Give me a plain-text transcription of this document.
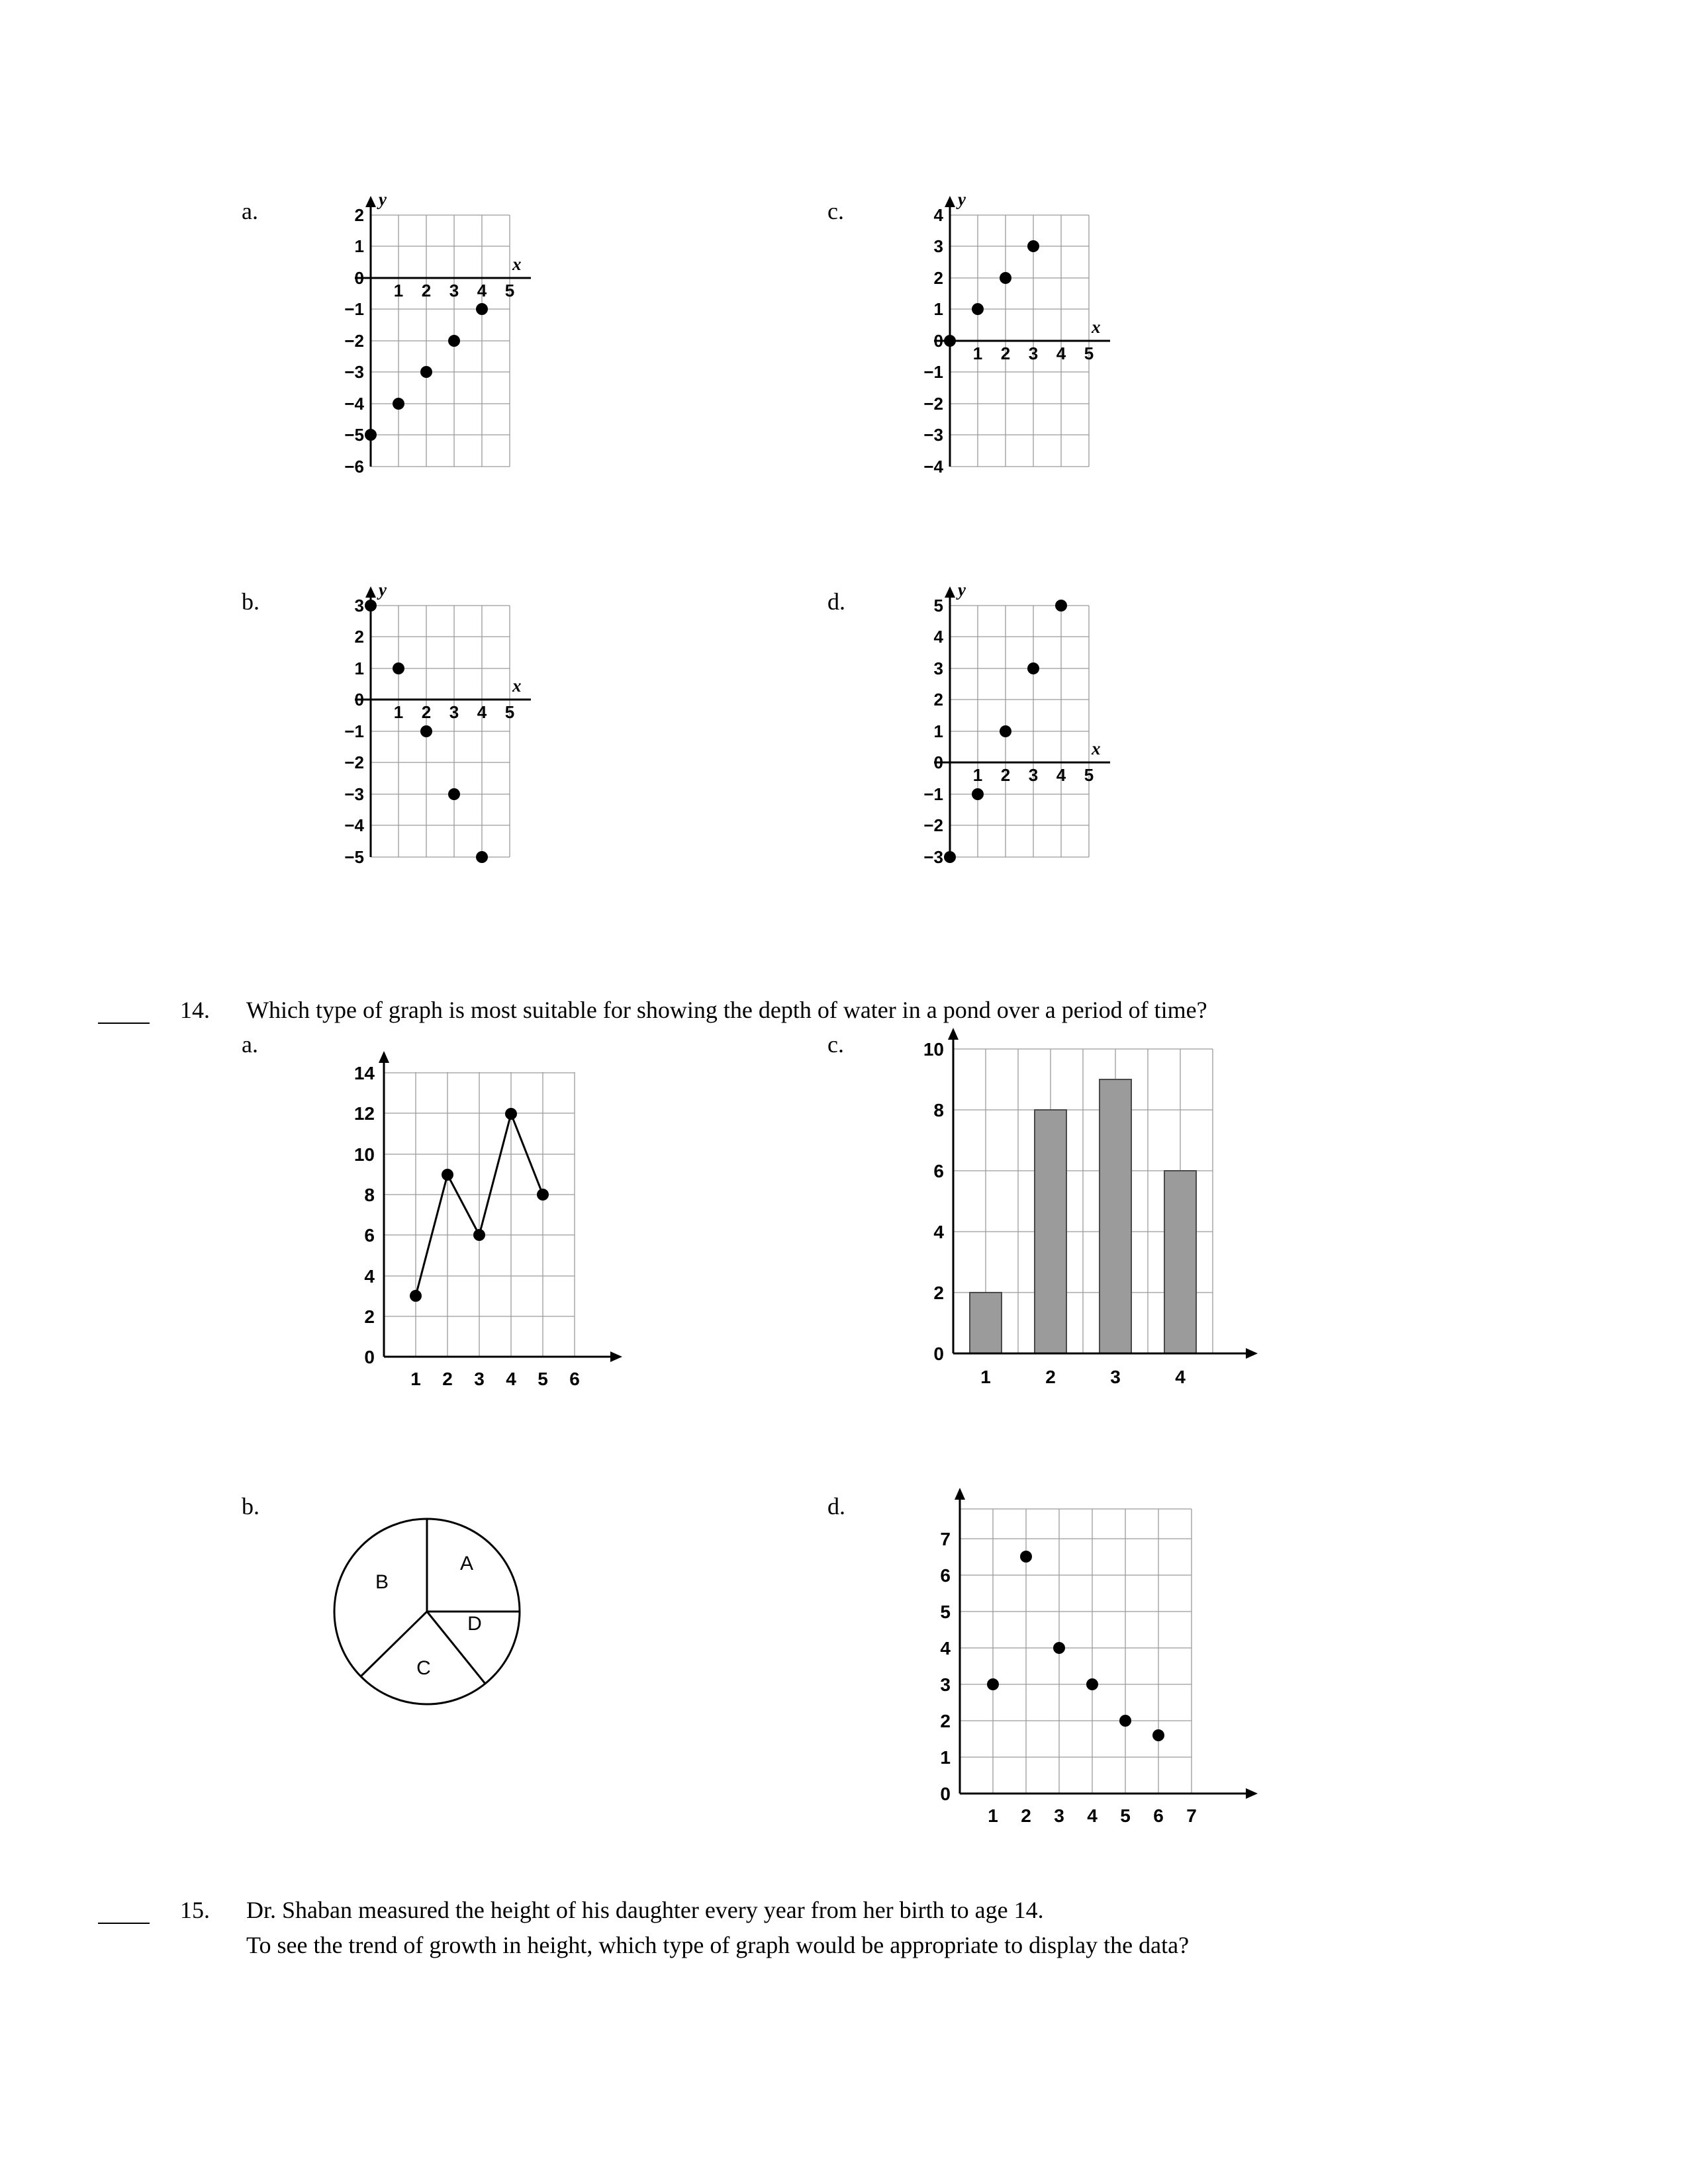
a.	y
x
2
1
0
−1
−2
−3
−4
−5
−6
1 2 3 4 5
c.	y
x
4
3
2
1
0
−1
−2
−3
−4
1 2 3 4 5
b.	y
x
3
2
1
0
−1
−2
−3
−4
−5
1 2 3 4 5
d.	y
x
5
4
3
2
1
0
−1
−2
−3
1 2 3 4 5
14. Which type of graph is most suitable for showing the depth of water in a pond over a period of time?
a.
14
12
10
8
6
4
2
0
1 2 3 4 5 6
c.	10
8
6
4
2
0
1	2	3	4
b.
A
B
C
D
d.
7
6
5
4
3
2
1
0
1 2 3 4 5 6 7
15. Dr. Shaban measured the height of his daughter every year from her birth to age 14.
To see the trend of growth in height, which type of graph would be appropriate to display the data?
